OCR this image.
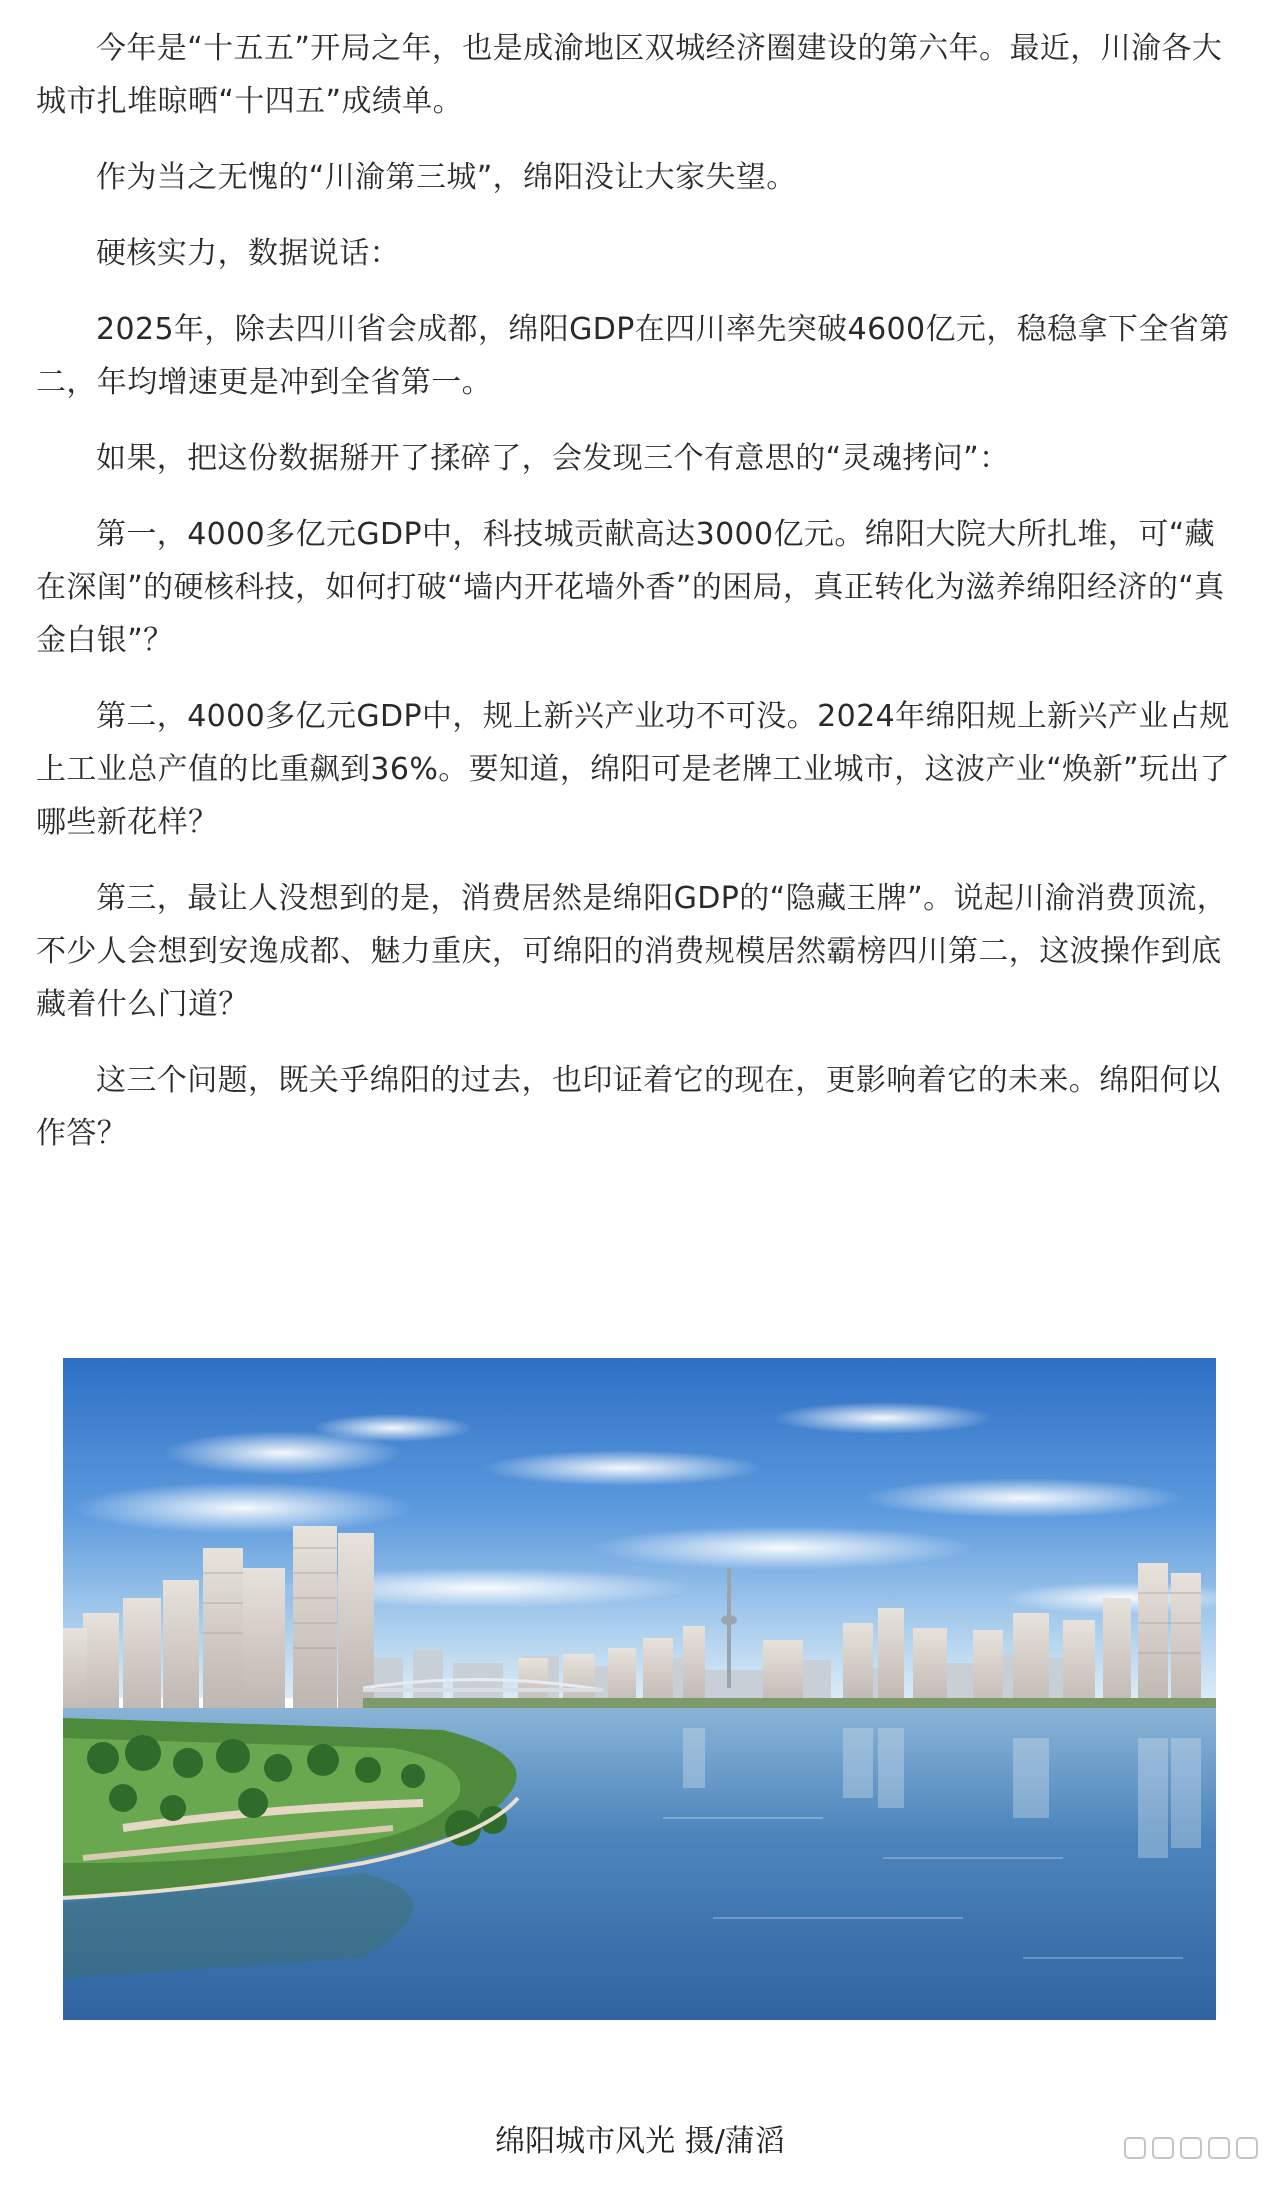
今年是“十五五”开局之年，也是成渝地区双城经济圈建设的第六年。最近，川渝各大城市扎堆晾晒“十四五”成绩单。

作为当之无愧的“川渝第三城”，绵阳没让大家失望。

硬核实力，数据说话：

2025年，除去四川省会成都，绵阳GDP在四川率先突破4600亿元，稳稳拿下全省第二，年均增速更是冲到全省第一。

如果，把这份数据掰开了揉碎了，会发现三个有意思的“灵魂拷问”：

第一，4000多亿元GDP中，科技城贡献高达3000亿元。绵阳大院大所扎堆，可“藏在深闺”的硬核科技，如何打破“墙内开花墙外香”的困局，真正转化为滋养绵阳经济的“真金白银”？

第二，4000多亿元GDP中，规上新兴产业功不可没。2024年绵阳规上新兴产业占规上工业总产值的比重飙到36%。要知道，绵阳可是老牌工业城市，这波产业“焕新”玩出了哪些新花样？

第三，最让人没想到的是，消费居然是绵阳GDP的“隐藏王牌”。说起川渝消费顶流，不少人会想到安逸成都、魅力重庆，可绵阳的消费规模居然霸榜四川第二，这波操作到底藏着什么门道？

这三个问题，既关乎绵阳的过去，也印证着它的现在，更影响着它的未来。绵阳何以作答？

绵阳城市风光 摄/蒲滔
